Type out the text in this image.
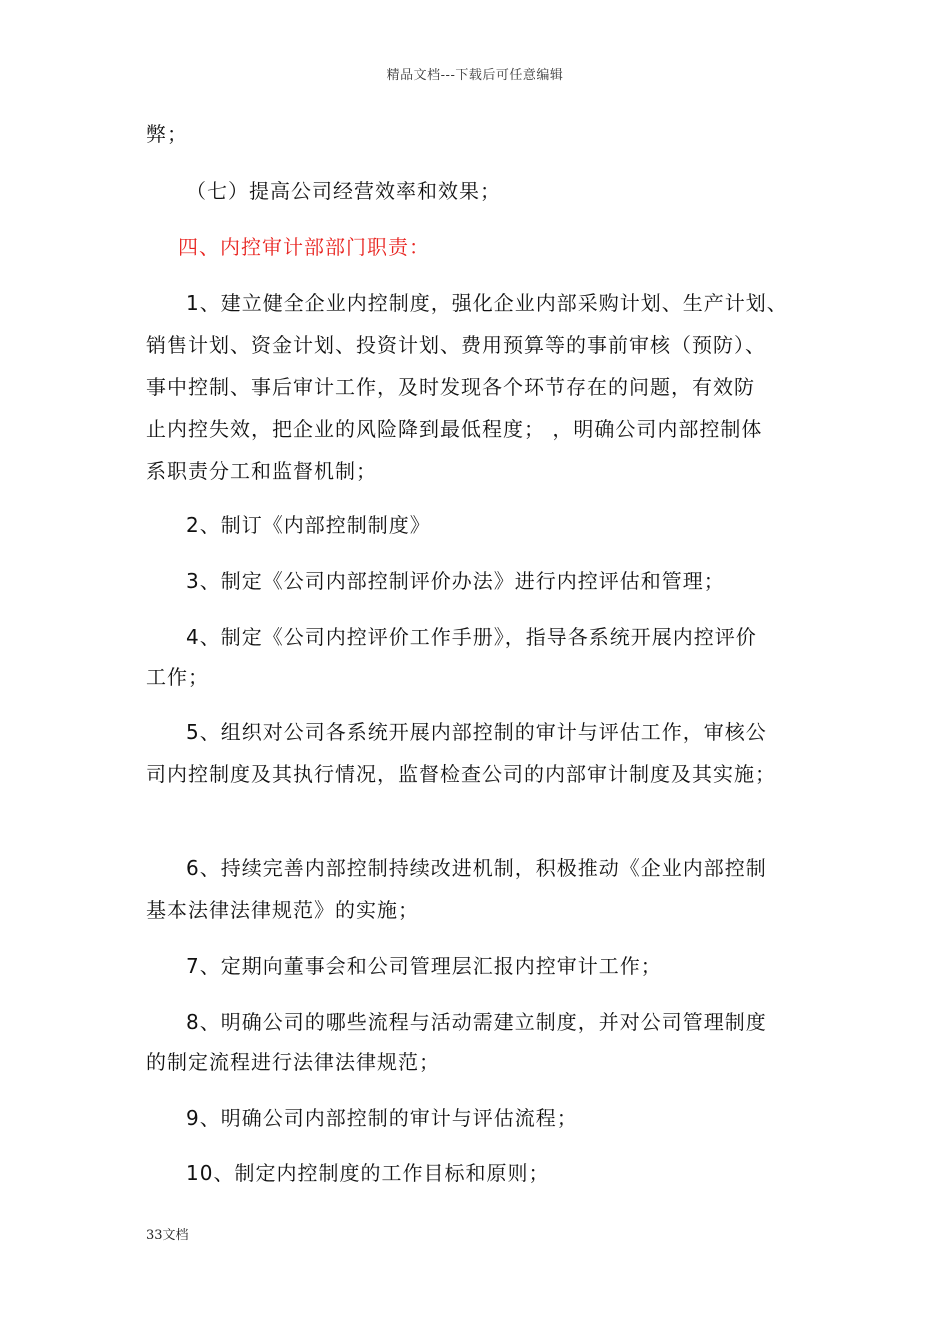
精品文档---下载后可任意编辑
弊；
（七）提高公司经营效率和效果；
四、内控审计部部门职责：
1、建立健全企业内控制度，强化企业内部采购计划、生产计划、
销售计划、资金计划、投资计划、费用预算等的事前审核（预防）、
事中控制、事后审计工作，及时发现各个环节存在的问题，有效防
止内控失效，把企业的风险降到最低程度； ，明确公司内部控制体
系职责分工和监督机制；
2、制订《内部控制制度》
3、制定《公司内部控制评价办法》进行内控评估和管理；
4、制定《公司内控评价工作手册》，指导各系统开展内控评价
工作；
5、组织对公司各系统开展内部控制的审计与评估工作，审核公
司内控制度及其执行情况，监督检查公司的内部审计制度及其实施；
6、持续完善内部控制持续改进机制，积极推动《企业内部控制
基本法律法律规范》的实施；
7、定期向董事会和公司管理层汇报内控审计工作；
8、明确公司的哪些流程与活动需建立制度，并对公司管理制度
的制定流程进行法律法律规范；
9、明确公司内部控制的审计与评估流程；
10、制定内控制度的工作目标和原则；
33文档
